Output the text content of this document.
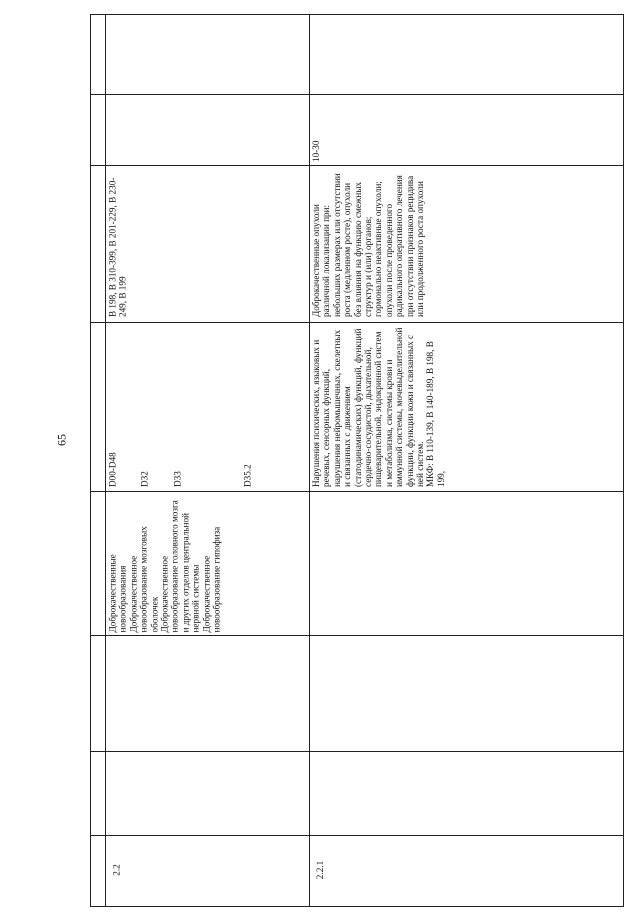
65
2.2
Доброкачественные новообразования Доброкачественное новообразование мозговых оболочек Доброкачественное новообразование головного мозга и других отделов центральной нервной системы Доброкачественное новообразование гипофиза
D00-D48 D32 D33	D35.2
В 198, В 310-399, В 201-229, В 230-249, В 199
2.2.1
Нарушения психических, языковых и речевых, сенсорных функций, нарушения нейромышечных, скелетных и связанных с движением (статодинамических) функций, функций сердечно-сосудистой, дыхательной, пищеварительной, эндокринной систем и метаболизма, системы крови и иммунной системы, мочевыделительной функции, функции кожи и связанных с ней систем. МКФ: В 110-139, В 140-189, В 198, В 199,
Доброкачественные опухоли различной локализации при: небольших размерах или отсутствии роста (медленном росте), опухоли без влияния на функцию смежных структур и (или) органов; гормонально неактивные опухоли; опухоли после проведенного радикального оперативного лечения при отсутствии признаков рецидива или продолженного роста опухоли
10-30
